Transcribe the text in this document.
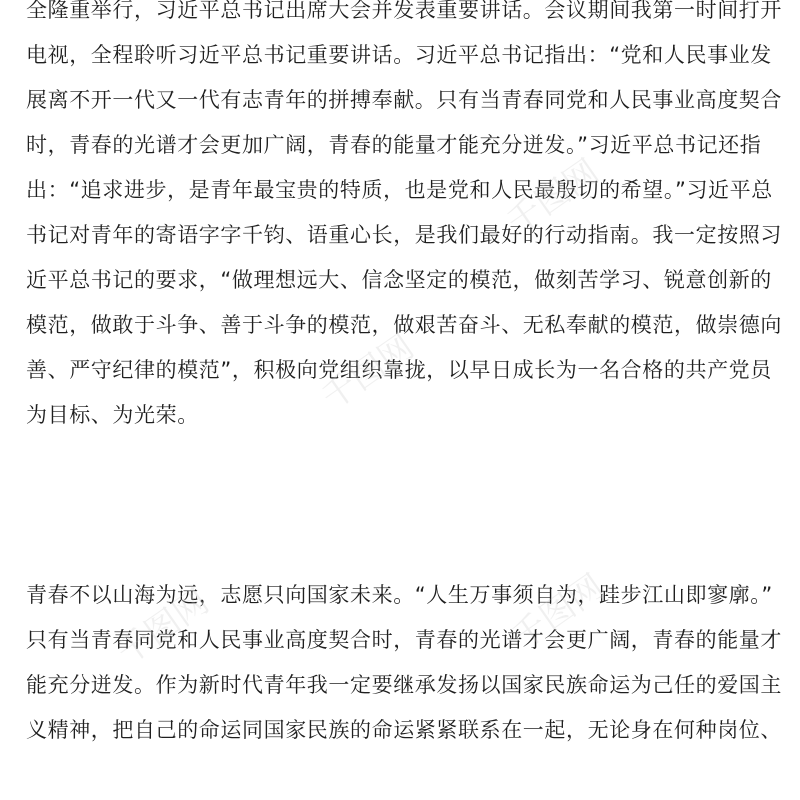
全隆重举行，习近平总书记出席大会并发表重要讲话。会议期间我第一时间打开
电视，全程聆听习近平总书记重要讲话。习近平总书记指出：“党和人民事业发
展离不开一代又一代有志青年的拼搏奉献。只有当青春同党和人民事业高度契合
时，青春的光谱才会更加广阔，青春的能量才能充分迸发。”习近平总书记还指
出：“追求进步，是青年最宝贵的特质，也是党和人民最殷切的希望。”习近平总
书记对青年的寄语字字千钧、语重心长，是我们最好的行动指南。我一定按照习
近平总书记的要求，“做理想远大、信念坚定的模范，做刻苦学习、锐意创新的
模范，做敢于斗争、善于斗争的模范，做艰苦奋斗、无私奉献的模范，做崇德向
善、严守纪律的模范”，积极向党组织靠拢，以早日成长为一名合格的共产党员
为目标、为光荣。
青春不以山海为远，志愿只向国家未来。“人生万事须自为，跬步江山即寥廓。”
只有当青春同党和人民事业高度契合时，青春的光谱才会更广阔，青春的能量才
能充分迸发。作为新时代青年我一定要继承发扬以国家民族命运为己任的爱国主
义精神，把自己的命运同国家民族的命运紧紧联系在一起，无论身在何种岗位、
千图网
千图网
千图网
千图网
